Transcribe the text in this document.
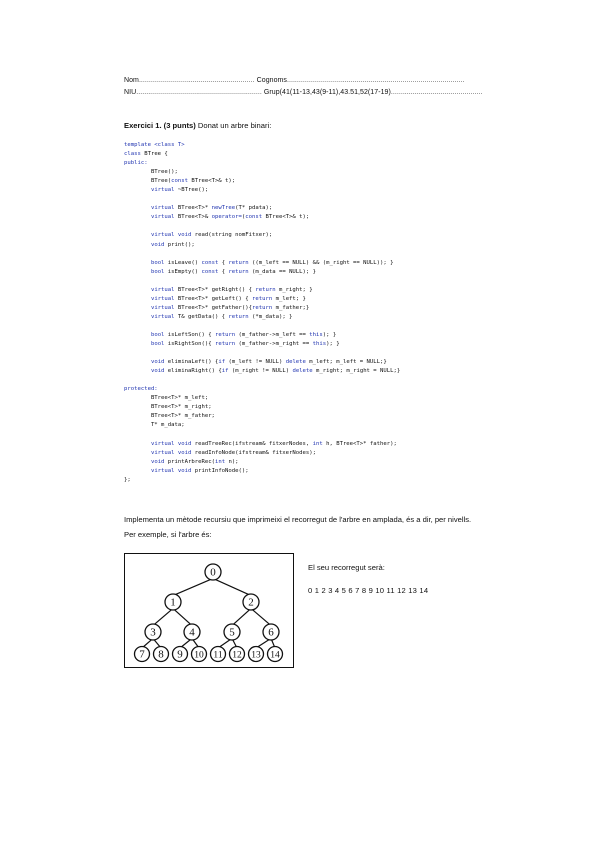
Nom.......................................................... Cognoms.........................................................................................
NIU............................................................... Grup(41(11-13,43(9-11),43.51,52(17-19)..............................................
Exercici 1. (3 punts) Donat un arbre binari:
template <class T>
class BTree {
public:
BTree();
BTree(const BTree<T>& t);
virtual ~BTree();

virtual BTree<T>* newTree(T* pdata);
virtual BTree<T>& operator=(const BTree<T>& t);

virtual void read(string nomFitxer);
void print();

bool isLeave() const { return ((m_left == NULL) && (m_right == NULL)); }
bool isEmpty() const { return (m_data == NULL); }

virtual BTree<T>* getRight() { return m_right; }
virtual BTree<T>* getLeft() { return m_left; }
virtual BTree<T>* getFather(){return m_father;}
virtual T& getData() { return (*m_data); }

bool isLeftSon() { return (m_father->m_left == this); }
bool isRightSon(){ return (m_father->m_right == this); }

void eliminaLeft() {if (m_left != NULL) delete m_left; m_left = NULL;}
void eliminaRight() {if (m_right != NULL) delete m_right; m_right = NULL;}

protected:
BTree<T>* m_left;
BTree<T>* m_right;
BTree<T>* m_father;
T* m_data;

virtual void readTreeRec(ifstream& fitxerNodes, int h, BTree<T>* father);
virtual void readInfoNode(ifstream& fitxerNodes);
void printArbreRec(int n);
virtual void printInfoNode();
};

Implementa un mètode recursiu que imprimeixi el recorregut de l'arbre en amplada, és a dir, per nivells. Per exemple, si l'arbre és:
0
1	2
3	4	5	6
7 8 9 10 11 12 13 14
El seu recorregut serà:
0 1 2 3 4 5 6 7 8 9 10 11 12 13 14
